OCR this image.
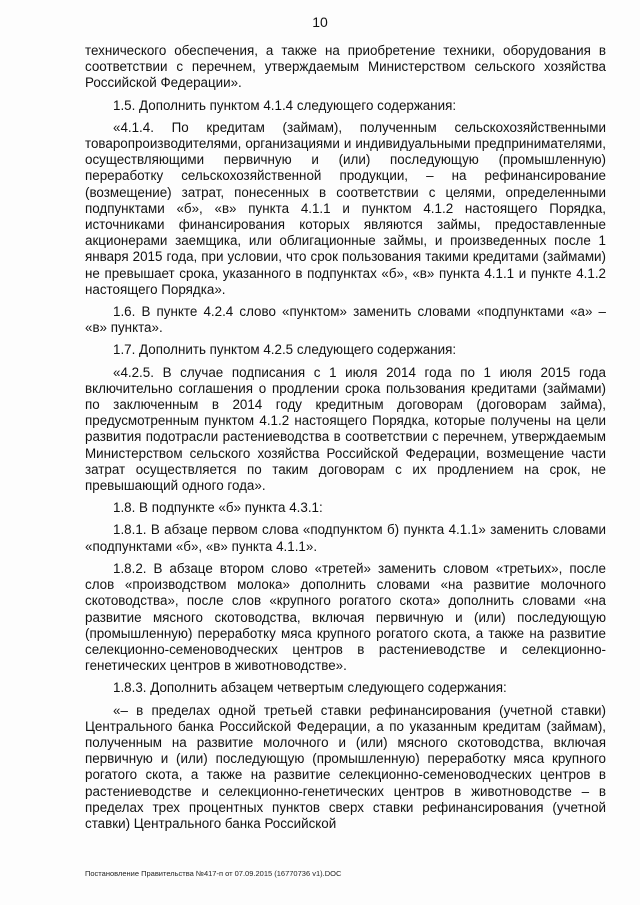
10

технического обеспечения, а также на приобретение техники, оборудования в соответствии с перечнем, утверждаемым Министерством сельского хозяйства Российской Федерации».

1.5. Дополнить пунктом 4.1.4 следующего содержания:

«4.1.4. По кредитам (займам), полученным сельскохозяйственными товаропроизводителями, организациями и индивидуальными предпринимателями, осуществляющими первичную и (или) последующую (промышленную) переработку сельскохозяйственной продукции, – на рефинансирование (возмещение) затрат, понесенных в соответствии с целями, определенными подпунктами «б», «в» пункта 4.1.1 и пунктом 4.1.2 настоящего Порядка, источниками финансирования которых являются займы, предоставленные акционерами заемщика, или облигационные займы, и произведенных после 1 января 2015 года, при условии, что срок пользования такими кредитами (займами) не превышает срока, указанного в подпунктах «б», «в» пункта 4.1.1 и пункте 4.1.2 настоящего Порядка».

1.6. В пункте 4.2.4 слово «пунктом» заменить словами «подпунктами «а» – «в» пункта».

1.7. Дополнить пунктом 4.2.5 следующего содержания:

«4.2.5. В случае подписания с 1 июля 2014 года по 1 июля 2015 года включительно соглашения о продлении срока пользования кредитами (займами) по заключенным в 2014 году кредитным договорам (договорам займа), предусмотренным пунктом 4.1.2 настоящего Порядка, которые получены на цели развития подотрасли растениеводства в соответствии с перечнем, утверждаемым Министерством сельского хозяйства Российской Федерации, возмещение части затрат осуществляется по таким договорам с их продлением на срок, не превышающий одного года».

1.8. В подпункте «б» пункта 4.3.1:

1.8.1. В абзаце первом слова «подпунктом б) пункта 4.1.1» заменить словами «подпунктами «б», «в» пункта 4.1.1».

1.8.2. В абзаце втором слово «третей» заменить словом «третьих», после слов «производством молока» дополнить словами «на развитие молочного скотоводства», после слов «крупного рогатого скота» дополнить словами «на развитие мясного скотоводства, включая первичную и (или) последующую (промышленную) переработку мяса крупного рогатого скота, а также на развитие селекционно-семеноводческих центров в растениеводстве и селекционно-генетических центров в животноводстве».

1.8.3. Дополнить абзацем четвертым следующего содержания:

«– в пределах одной третьей ставки рефинансирования (учетной ставки) Центрального банка Российской Федерации, а по указанным кредитам (займам), полученным на развитие молочного и (или) мясного скотоводства, включая первичную и (или) последующую (промышленную) переработку мяса крупного рогатого скота, а также на развитие селекционно-семеноводческих центров в растениеводстве и селекционно-генетических центров в животноводстве – в пределах трех процентных пунктов сверх ставки рефинансирования (учетной ставки) Центрального банка Российской

Постановление Правительства №417-п от 07.09.2015 (16770736 v1).DOC
